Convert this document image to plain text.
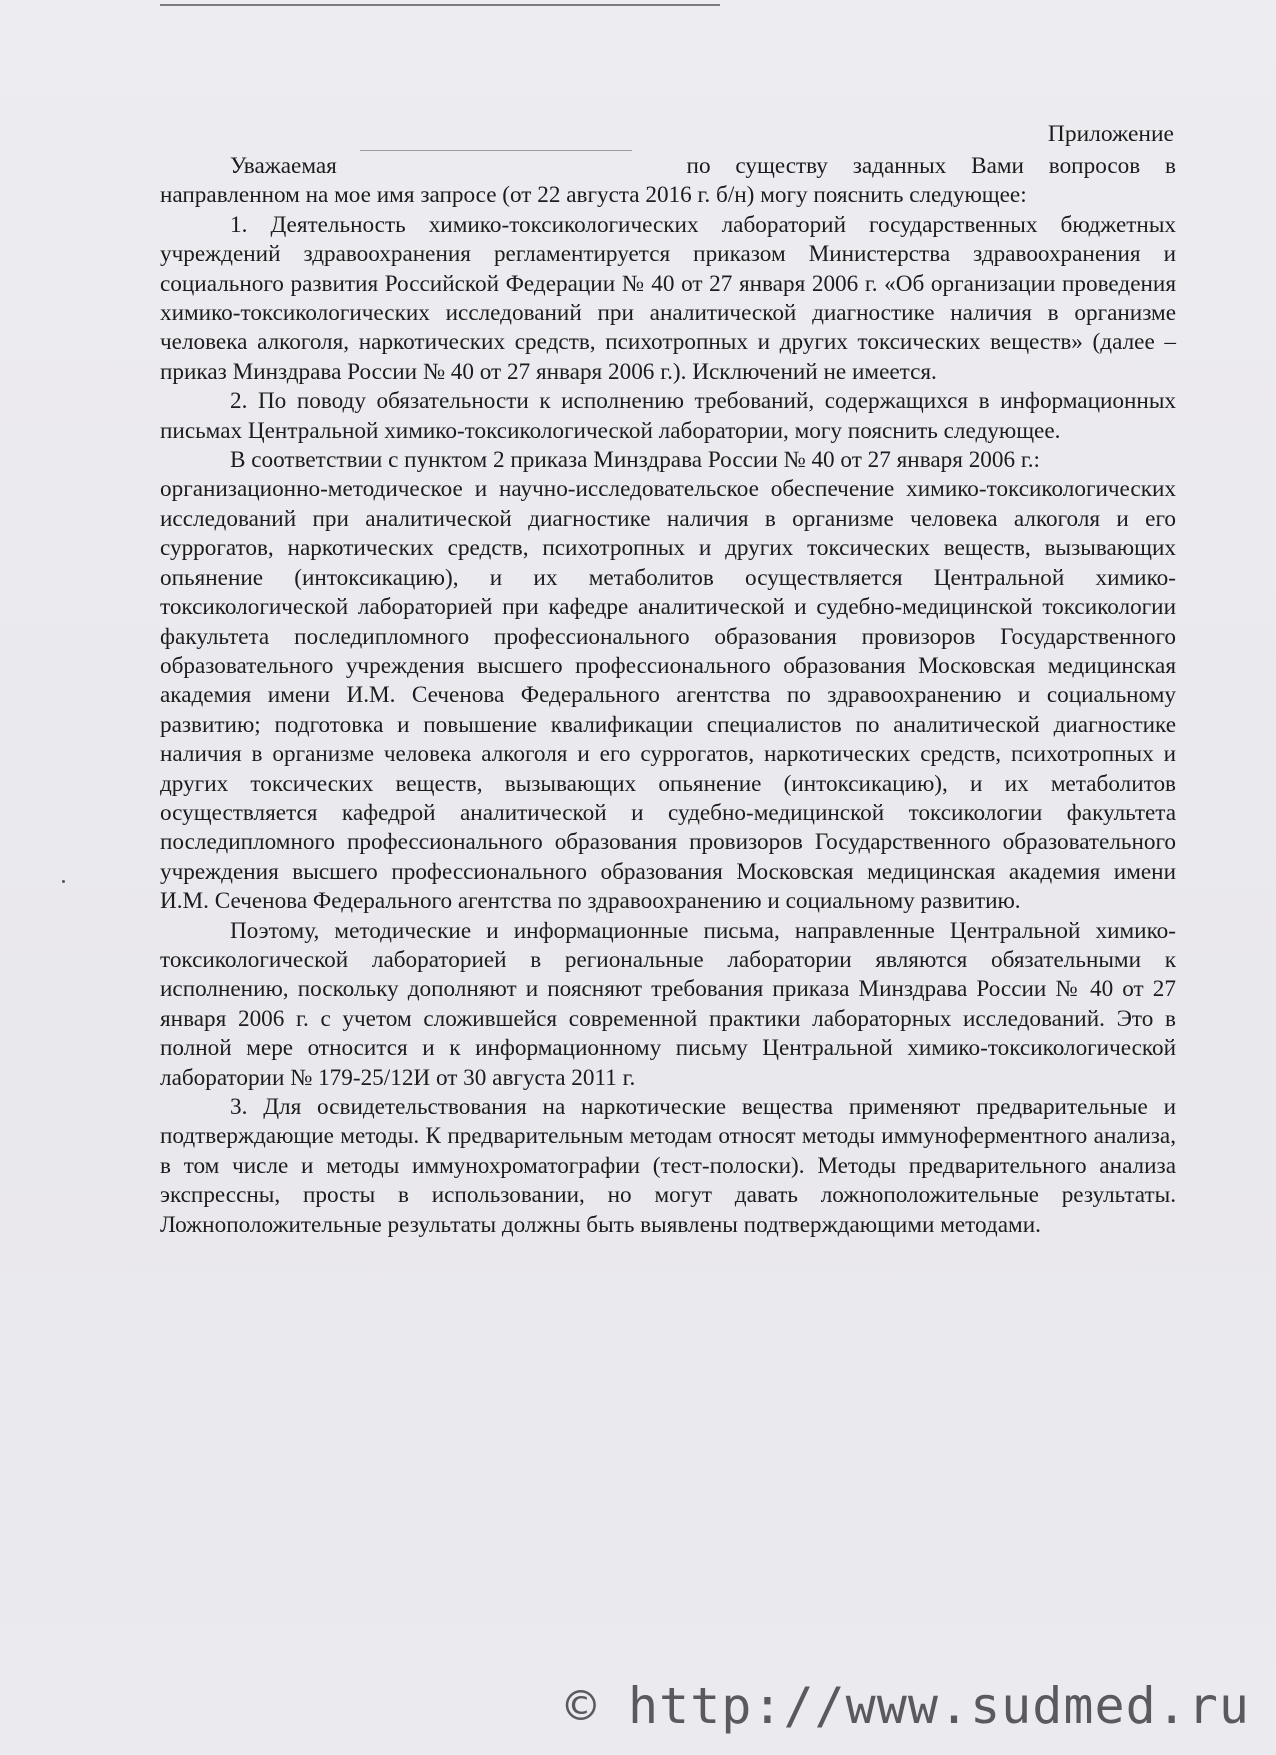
Приложение

Уважаемая	по существу заданных Вами вопросов в направленном на мое имя запросе (от 22 августа 2016 г. б/н) могу пояснить следующее:

1. Деятельность химико-токсикологических лабораторий государственных бюджетных учреждений здравоохранения регламентируется приказом Министерства здравоохранения и социального развития Российской Федерации № 40 от 27 января 2006 г. «Об организации проведения химико-токсикологических исследований при аналитической диагностике наличия в организме человека алкоголя, наркотических средств, психотропных и других токсических веществ» (далее – приказ Минздрава России № 40 от 27 января 2006 г.). Исключений не имеется.

2. По поводу обязательности к исполнению требований, содержащихся в информационных письмах Центральной химико-токсикологической лаборатории, могу пояснить следующее.

В соответствии с пунктом 2 приказа Минздрава России № 40 от 27 января 2006 г.:

организационно-методическое и научно-исследовательское обеспечение химико-токсикологических исследований при аналитической диагностике наличия в организме человека алкоголя и его суррогатов, наркотических средств, психотропных и других токсических веществ, вызывающих опьянение (интоксикацию), и их метаболитов осуществляется Центральной химико-токсикологической лабораторией при кафедре аналитической и судебно-медицинской токсикологии факультета последипломного профессионального образования провизоров Государственного образовательного учреждения высшего профессионального образования Московская медицинская академия имени И.М. Сеченова Федерального агентства по здравоохранению и социальному развитию; подготовка и повышение квалификации специалистов по аналитической диагностике наличия в организме человека алкоголя и его суррогатов, наркотических средств, психотропных и других токсических веществ, вызывающих опьянение (интоксикацию), и их метаболитов осуществляется кафедрой аналитической и судебно-медицинской токсикологии факультета последипломного профессионального образования провизоров Государственного образовательного учреждения высшего профессионального образования Московская медицинская академия имени И.М. Сеченова Федерального агентства по здравоохранению и социальному развитию.

Поэтому, методические и информационные письма, направленные Центральной химико-токсикологической лабораторией в региональные лаборатории являются обязательными к исполнению, поскольку дополняют и поясняют требования приказа Минздрава России № 40 от 27 января 2006 г. с учетом сложившейся современной практики лабораторных исследований. Это в полной мере относится и к информационному письму Центральной химико-токсикологической лаборатории № 179-25/12И от 30 августа 2011 г.

3. Для освидетельствования на наркотические вещества применяют предварительные и подтверждающие методы. К предварительным методам относят методы иммуноферментного анализа, в том числе и методы иммунохроматографии (тест-полоски). Методы предварительного анализа экспрессны, просты в использовании, но могут давать ложноположительные результаты. Ложноположительные результаты должны быть выявлены подтверждающими методами.

© http://www.sudmed.ru
